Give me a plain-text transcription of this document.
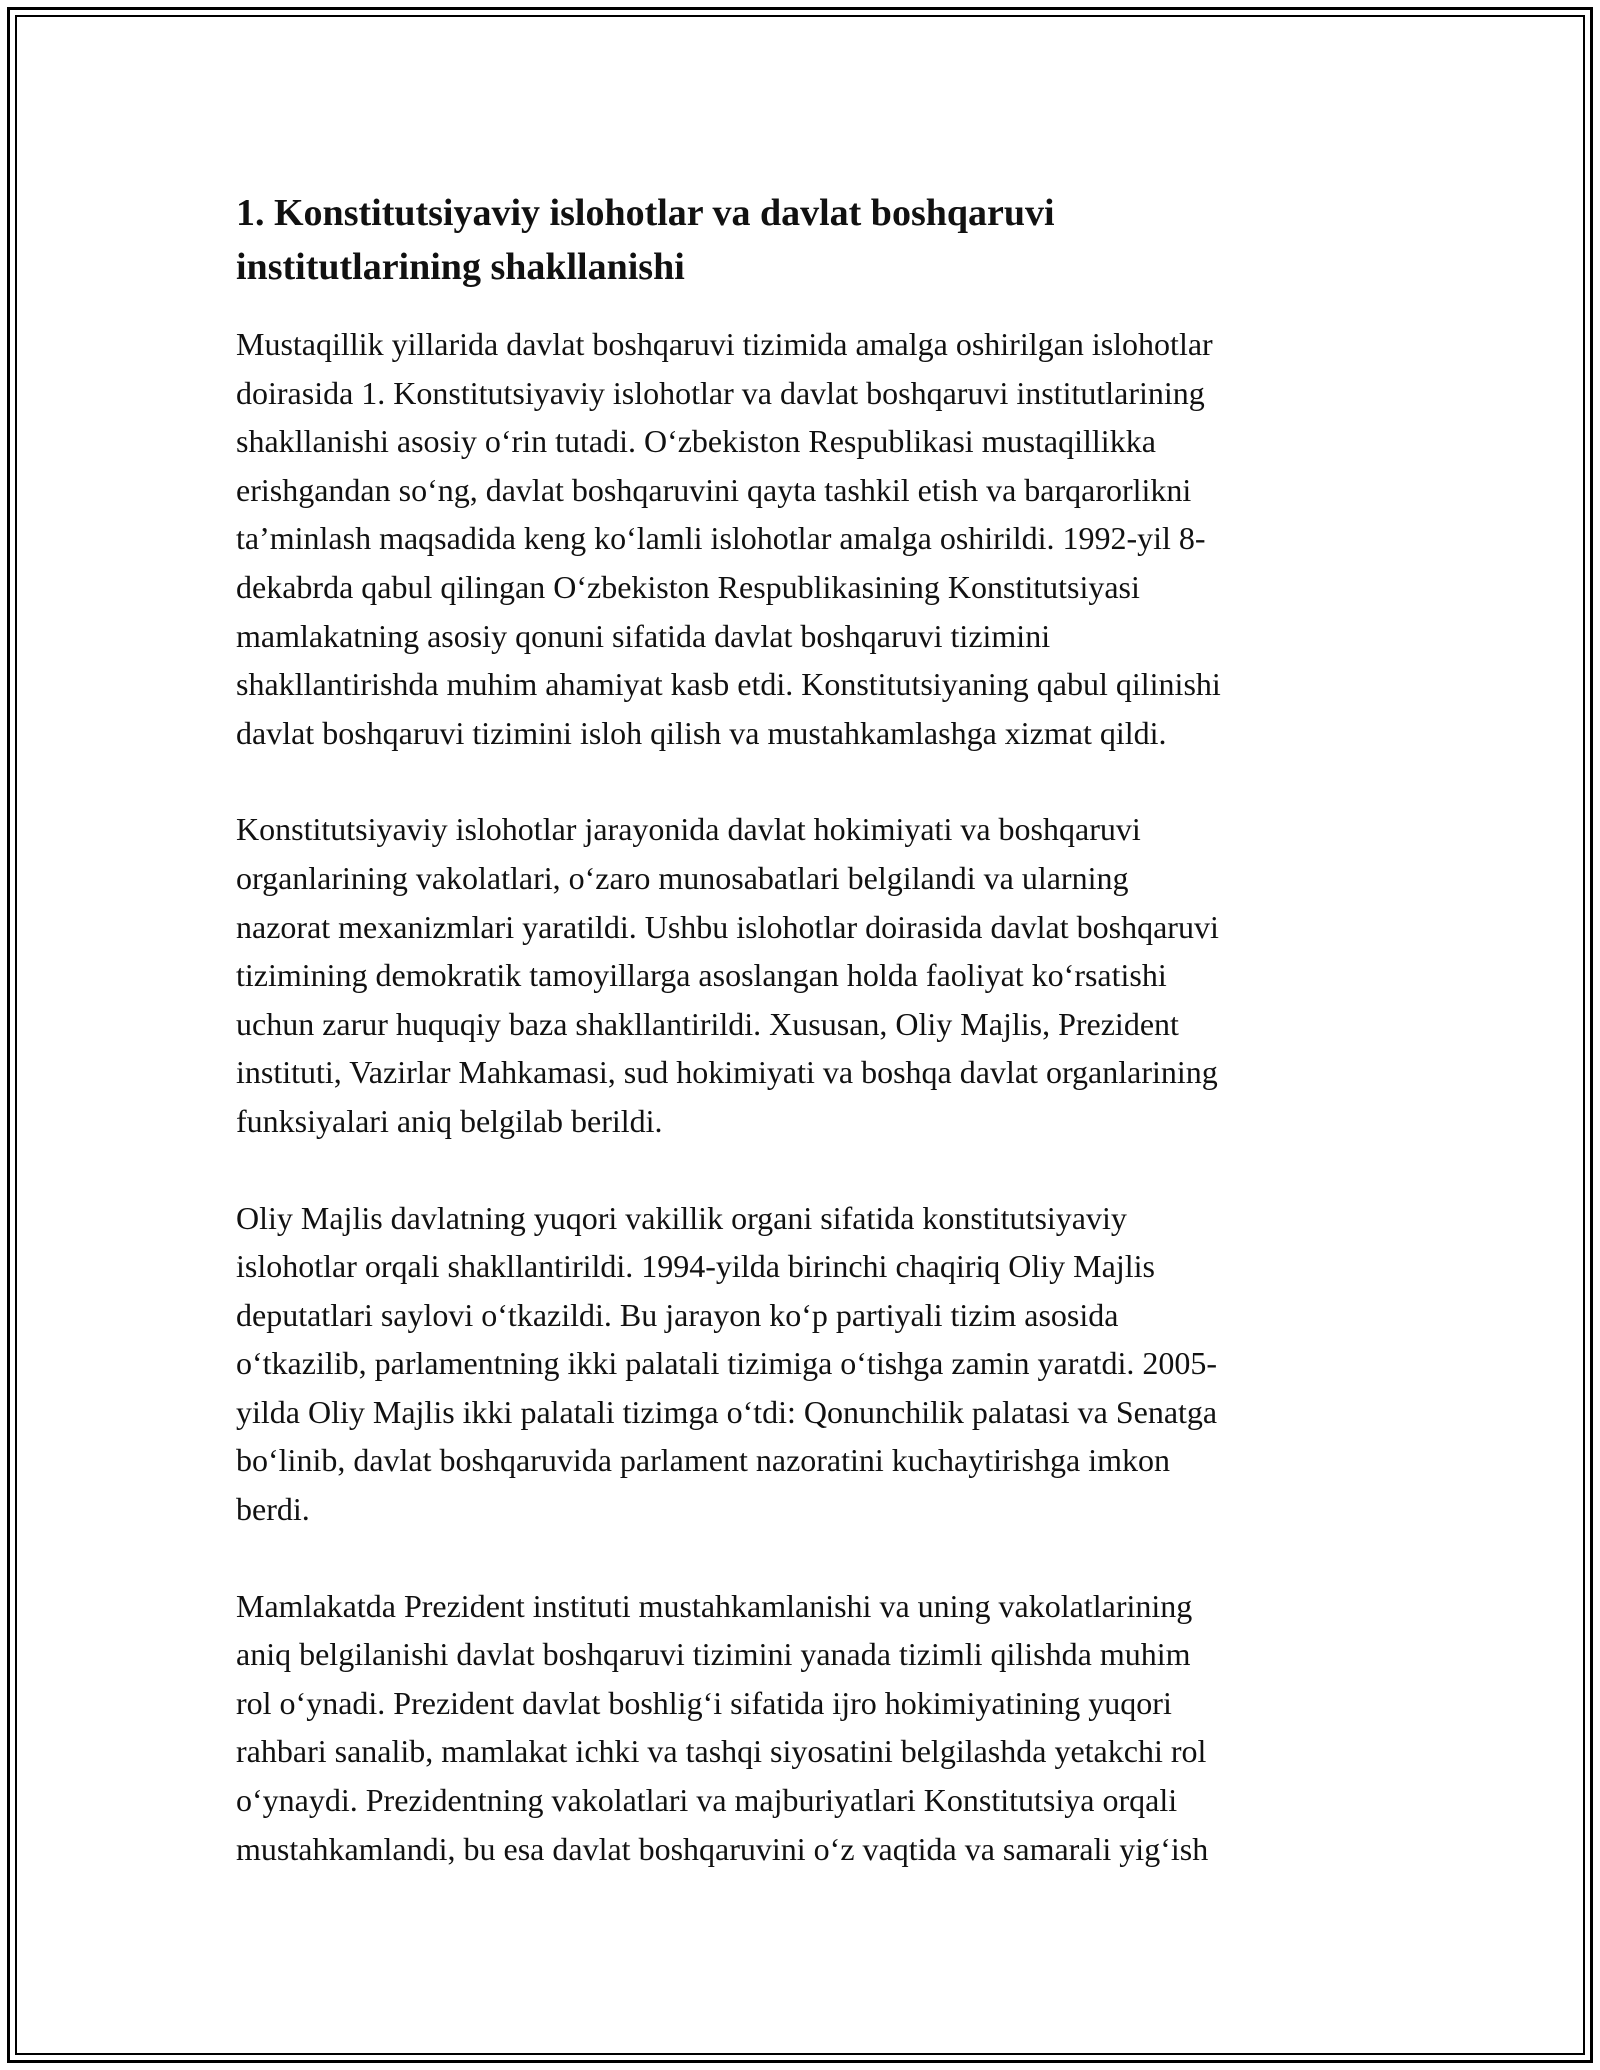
1. Konstitutsiyaviy islohotlar va davlat boshqaruvi
institutlarining shakllanishi

Mustaqillik yillarida davlat boshqaruvi tizimida amalga oshirilgan islohotlar
doirasida 1. Konstitutsiyaviy islohotlar va davlat boshqaruvi institutlarining
shakllanishi asosiy o‘rin tutadi. O‘zbekiston Respublikasi mustaqillikka
erishgandan so‘ng, davlat boshqaruvini qayta tashkil etish va barqarorlikni
ta’minlash maqsadida keng ko‘lamli islohotlar amalga oshirildi. 1992-yil 8-
dekabrda qabul qilingan O‘zbekiston Respublikasining Konstitutsiyasi
mamlakatning asosiy qonuni sifatida davlat boshqaruvi tizimini
shakllantirishda muhim ahamiyat kasb etdi. Konstitutsiyaning qabul qilinishi
davlat boshqaruvi tizimini isloh qilish va mustahkamlashga xizmat qildi.

Konstitutsiyaviy islohotlar jarayonida davlat hokimiyati va boshqaruvi
organlarining vakolatlari, o‘zaro munosabatlari belgilandi va ularning
nazorat mexanizmlari yaratildi. Ushbu islohotlar doirasida davlat boshqaruvi
tizimining demokratik tamoyillarga asoslangan holda faoliyat ko‘rsatishi
uchun zarur huquqiy baza shakllantirildi. Xususan, Oliy Majlis, Prezident
instituti, Vazirlar Mahkamasi, sud hokimiyati va boshqa davlat organlarining
funksiyalari aniq belgilab berildi.

Oliy Majlis davlatning yuqori vakillik organi sifatida konstitutsiyaviy
islohotlar orqali shakllantirildi. 1994-yilda birinchi chaqiriq Oliy Majlis
deputatlari saylovi o‘tkazildi. Bu jarayon ko‘p partiyali tizim asosida
o‘tkazilib, parlamentning ikki palatali tizimiga o‘tishga zamin yaratdi. 2005-
yilda Oliy Majlis ikki palatali tizimga o‘tdi: Qonunchilik palatasi va Senatga
bo‘linib, davlat boshqaruvida parlament nazoratini kuchaytirishga imkon
berdi.

Mamlakatda Prezident instituti mustahkamlanishi va uning vakolatlarining
aniq belgilanishi davlat boshqaruvi tizimini yanada tizimli qilishda muhim
rol o‘ynadi. Prezident davlat boshlig‘i sifatida ijro hokimiyatining yuqori
rahbari sanalib, mamlakat ichki va tashqi siyosatini belgilashda yetakchi rol
o‘ynaydi. Prezidentning vakolatlari va majburiyatlari Konstitutsiya orqali
mustahkamlandi, bu esa davlat boshqaruvini o‘z vaqtida va samarali yig‘ish
